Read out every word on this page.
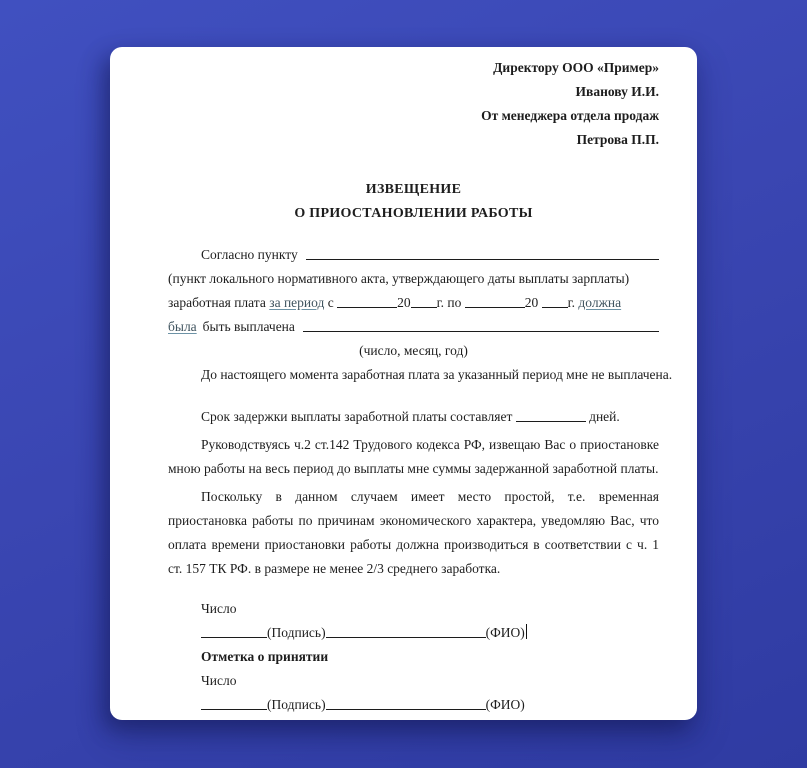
Директору ООО «Пример»
Иванову И.И.
От менеджера отдела продаж
Петрова П.П.
ИЗВЕЩЕНИЕ
О ПРИОСТАНОВЛЕНИИ РАБОТЫ
Согласно пункту
(пункт локального нормативного акта, утверждающего даты выплаты зарплаты)
заработная плата за период с	20 г. по	20 г. должна
была быть выплачена
(число, месяц, год)
До настоящего момента заработная плата за указанный период мне не выплачена.
Срок задержки выплаты заработной платы составляет	дней.
Руководствуясь ч.2 ст.142 Трудового кодекса РФ, извещаю Вас о приостановке мною работы на весь период до выплаты мне суммы задержанной заработной платы.
Поскольку в данном случаем имеет место простой, т.е. временная приостановка работы по причинам экономического характера, уведомляю Вас, что оплата времени приостановки работы должна производиться в соответствии с ч. 1 ст. 157 ТК РФ. в размере не менее 2/3 среднего заработка.
Число
(Подпись)	(ФИО)
Отметка о принятии
Число
(Подпись)	(ФИО)
